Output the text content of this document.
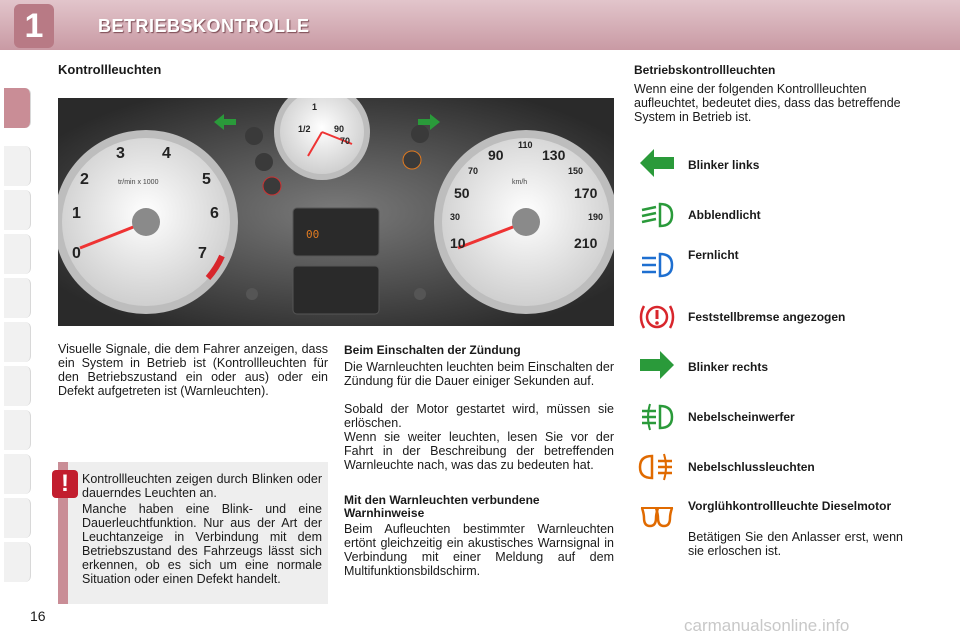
1	BETRIEBSKONTROLLE
Kontrollleuchten
00
0
1
2
3 4
5
6
7
tr/min x 1000
10
30
50
70
90
110
130
150
170
190
210
km/h
1
1/2	90
70

Visuelle Signale, die dem Fahrer anzeigen, dass ein System in Betrieb ist (Kontrollleuchten für den Betriebszustand ein oder aus) oder ein Defekt aufgetreten ist (Warnleuchten).

!	Kontrollleuchten zeigen durch Blinken oder dauerndes Leuchten an.

Manche haben eine Blink- und eine Dauerleuchtfunktion. Nur aus der Art der Leuchtanzeige in Verbindung mit dem Betriebszustand des Fahrzeugs lässt sich erkennen, ob es sich um eine normale Situation oder einen Defekt handelt.

Beim Einschalten der Zündung

Die Warnleuchten leuchten beim Einschalten der Zündung für die Dauer einiger Sekunden auf.

Sobald der Motor gestartet wird, müssen sie erlöschen.

Wenn sie weiter leuchten, lesen Sie vor der Fahrt in der Beschreibung der betreffenden Warnleuchte nach, was das zu bedeuten hat.

Mit den Warnleuchten verbundene Warnhinweise

Beim Aufleuchten bestimmter Warnleuchten ertönt gleichzeitig ein akustisches Warnsignal in Verbindung mit einer Meldung auf dem Multifunktionsbildschirm.

Betriebskontrollleuchten

Wenn eine der folgenden Kontrollleuchten aufleuchtet, bedeutet dies, dass das betreffende System in Betrieb ist.

Blinker links
Abblendlicht
Fernlicht
Feststellbremse angezogen
Blinker rechts
Nebelscheinwerfer
Nebelschlussleuchten
Vorglühkontrollleuchte Dieselmotor

Betätigen Sie den Anlasser erst, wenn sie erloschen ist.

16	carmanualsonline.info
